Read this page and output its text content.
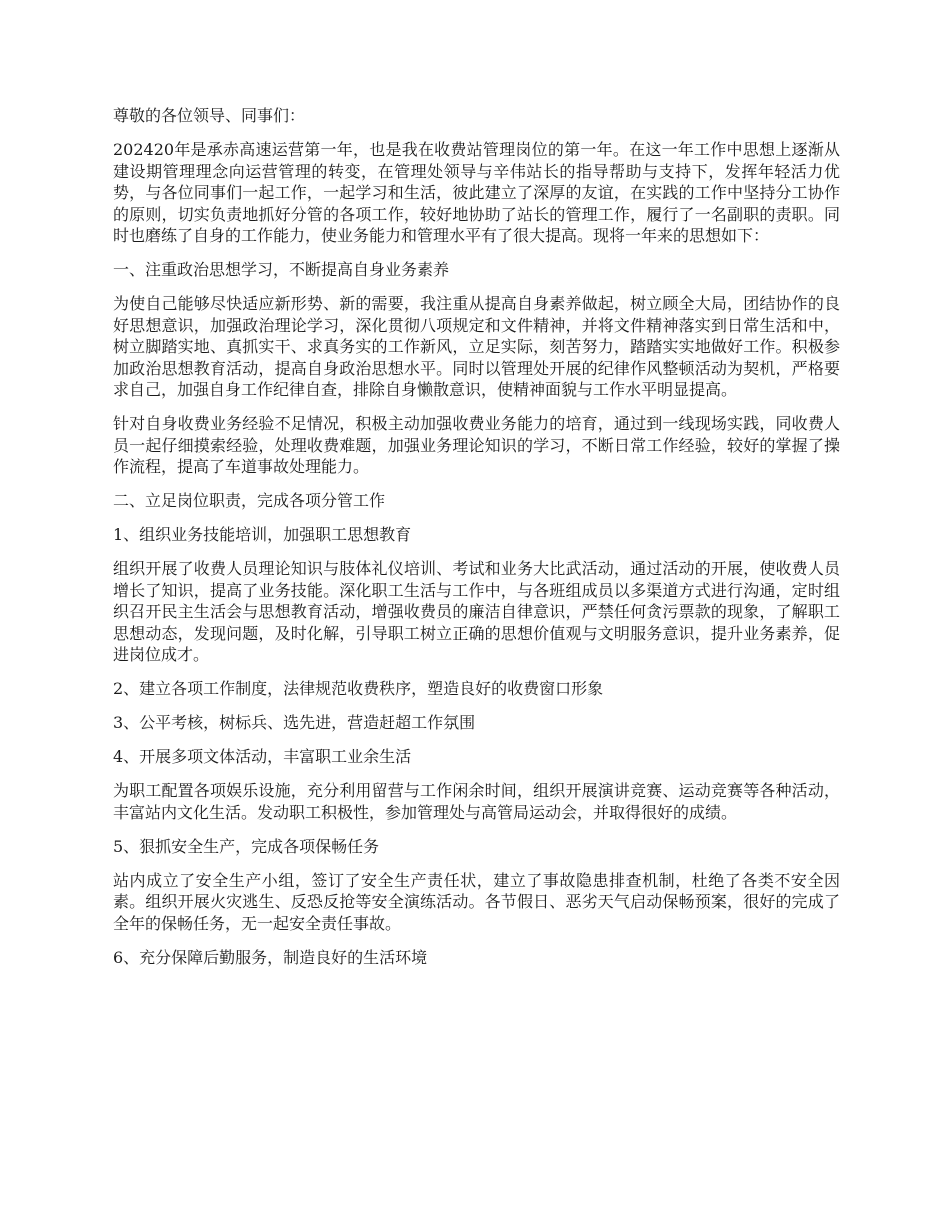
尊敬的各位领导、同事们：

202420年是承赤高速运营第一年，也是我在收费站管理岗位的第一年。在这一年工作中思想上逐渐从建设期管理理念向运营管理的转变，在管理处领导与辛伟站长的指导帮助与支持下，发挥年轻活力优势，与各位同事们一起工作，一起学习和生活，彼此建立了深厚的友谊，在实践的工作中坚持分工协作的原则，切实负责地抓好分管的各项工作，较好地协助了站长的管理工作，履行了一名副职的责职。同时也磨练了自身的工作能力，使业务能力和管理水平有了很大提高。现将一年来的思想如下：

一、注重政治思想学习，不断提高自身业务素养

为使自己能够尽快适应新形势、新的需要，我注重从提高自身素养做起，树立顾全大局，团结协作的良好思想意识，加强政治理论学习，深化贯彻八项规定和文件精神，并将文件精神落实到日常生活和中，树立脚踏实地、真抓实干、求真务实的工作新风，立足实际，刻苦努力，踏踏实实地做好工作。积极参加政治思想教育活动，提高自身政治思想水平。同时以管理处开展的纪律作风整顿活动为契机，严格要求自己，加强自身工作纪律自查，排除自身懒散意识，使精神面貌与工作水平明显提高。

针对自身收费业务经验不足情况，积极主动加强收费业务能力的培育，通过到一线现场实践，同收费人员一起仔细摸索经验，处理收费难题，加强业务理论知识的学习，不断日常工作经验，较好的掌握了操作流程，提高了车道事故处理能力。

二、立足岗位职责，完成各项分管工作

1、组织业务技能培训，加强职工思想教育

组织开展了收费人员理论知识与肢体礼仪培训、考试和业务大比武活动，通过活动的开展，使收费人员增长了知识，提高了业务技能。深化职工生活与工作中，与各班组成员以多渠道方式进行沟通，定时组织召开民主生活会与思想教育活动，增强收费员的廉洁自律意识，严禁任何贪污票款的现象，了解职工思想动态，发现问题，及时化解，引导职工树立正确的思想价值观与文明服务意识，提升业务素养，促进岗位成才。

2、建立各项工作制度，法律规范收费秩序，塑造良好的收费窗口形象

3、公平考核，树标兵、选先进，营造赶超工作氛围

4、开展多项文体活动，丰富职工业余生活

为职工配置各项娱乐设施，充分利用留营与工作闲余时间，组织开展演讲竞赛、运动竞赛等各种活动，丰富站内文化生活。发动职工积极性，参加管理处与高管局运动会，并取得很好的成绩。

5、狠抓安全生产，完成各项保畅任务

站内成立了安全生产小组，签订了安全生产责任状，建立了事故隐患排查机制，杜绝了各类不安全因素。组织开展火灾逃生、反恐反抢等安全演练活动。各节假日、恶劣天气启动保畅预案，很好的完成了全年的保畅任务，无一起安全责任事故。

6、充分保障后勤服务，制造良好的生活环境
